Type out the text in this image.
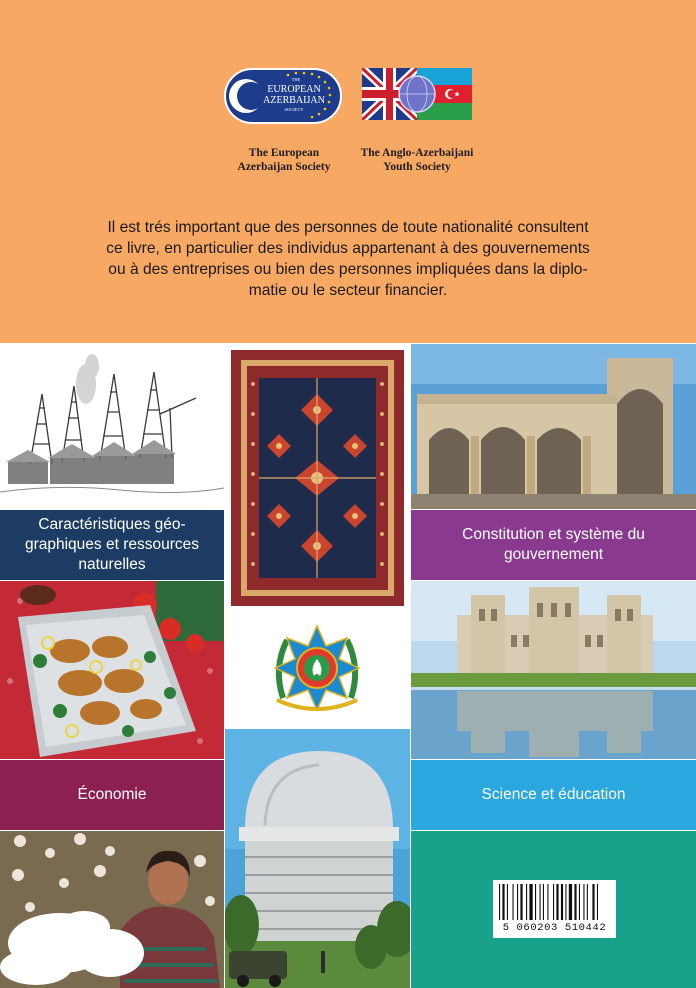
THE
EUROPEAN
AZERBAIJAN
SOCIETY

The European
Azerbaijan Society

The Anglo-Azerbaijani
Youth Society

Il est trés important que des personnes de toute nationalité consultent
ce livre, en particulier des individus appartenant à des gouvernements
ou à des entreprises ou bien des personnes impliquées dans la diplo-
matie ou le secteur financier.

Caractéristiques géo-
graphiques et ressources
naturelles

Économie

Constitution et système du
gouvernement

Science et éducation

5 060203 510442
